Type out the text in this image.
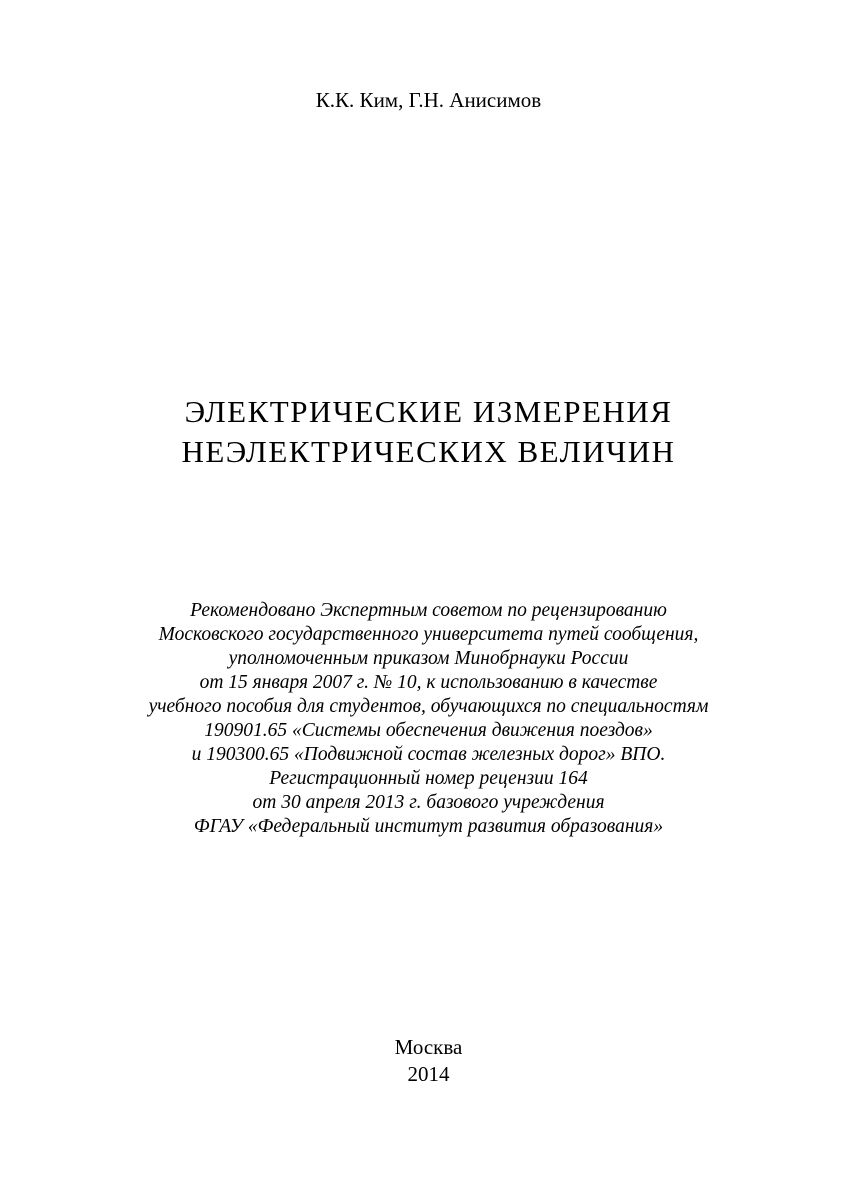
К.К. Ким, Г.Н. Анисимов
ЭЛЕКТРИЧЕСКИЕ ИЗМЕРЕНИЯ
НЕЭЛЕКТРИЧЕСКИХ ВЕЛИЧИН
Рекомендовано Экспертным советом по рецензированию
Московского государственного университета путей сообщения,
уполномоченным приказом Минобрнауки России
от 15 января 2007 г. № 10, к использованию в качестве
учебного пособия для студентов, обучающихся по специальностям
190901.65 «Системы обеспечения движения поездов»
и 190300.65 «Подвижной состав железных дорог» ВПО.
Регистрационный номер рецензии 164
от 30 апреля 2013 г. базового учреждения
ФГАУ «Федеральный институт развития образования»
Москва
2014
